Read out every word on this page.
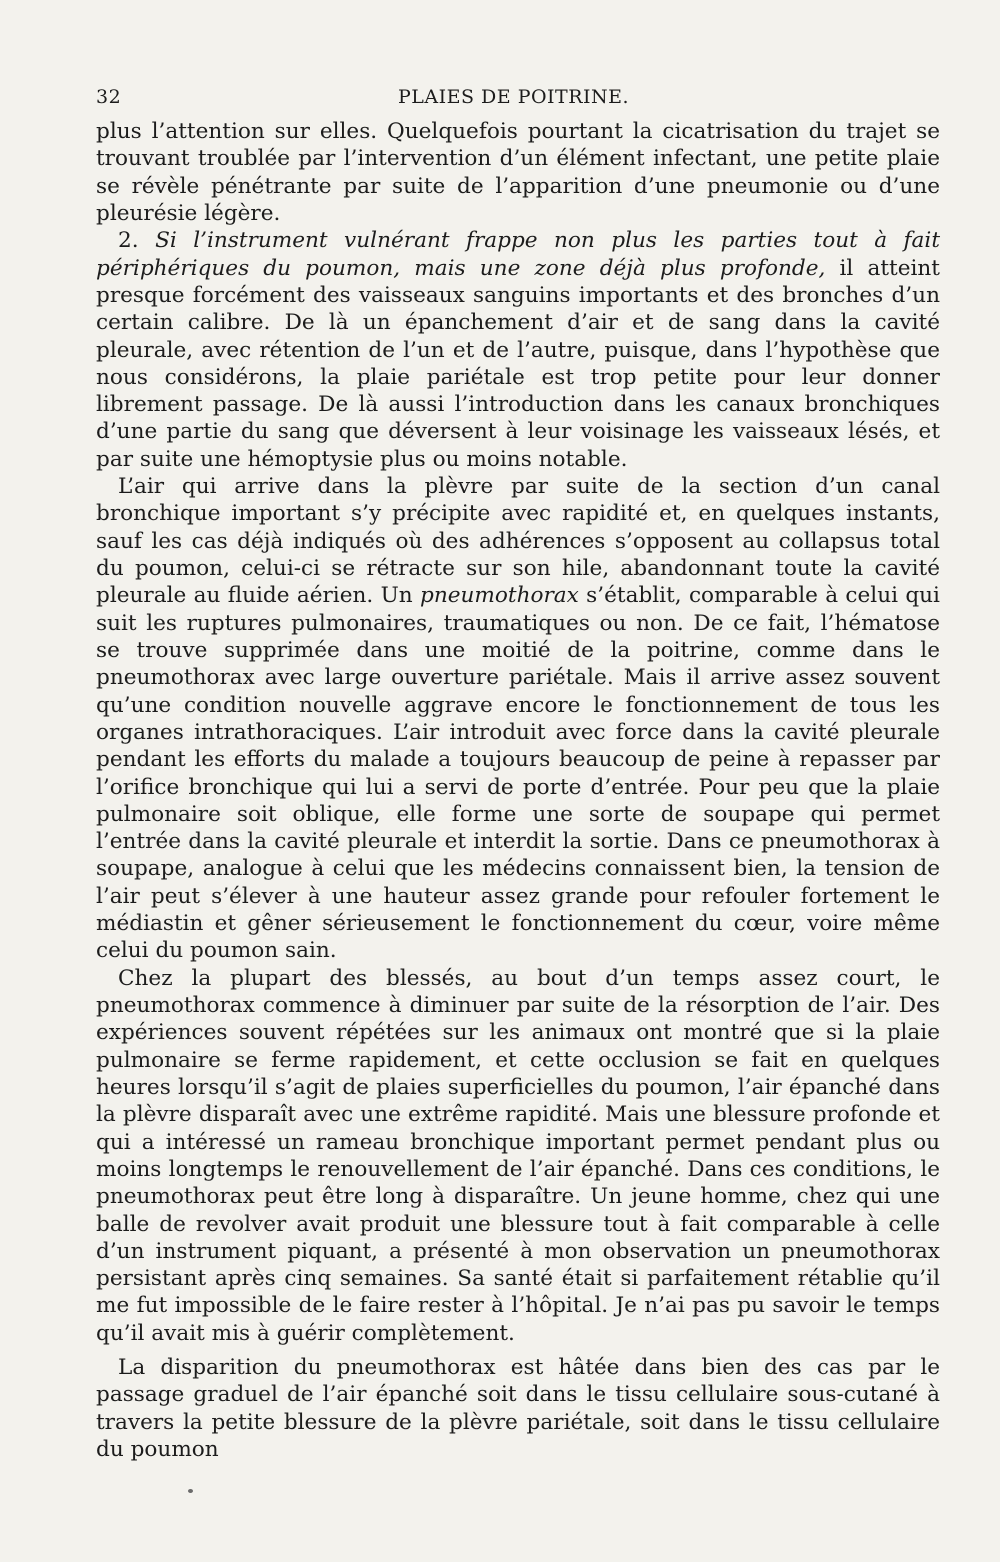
32	PLAIES DE POITRINE.

plus l’attention sur elles. Quelquefois pourtant la cicatrisation du trajet se trouvant troublée par l’intervention d’un élément infectant, une petite plaie se révèle pénétrante par suite de l’apparition d’une pneumonie ou d’une pleurésie légère.

2. Si l’instrument vulnérant frappe non plus les parties tout à fait périphériques du poumon, mais une zone déjà plus profonde, il atteint presque forcément des vaisseaux sanguins importants et des bronches d’un certain calibre. De là un épanchement d’air et de sang dans la cavité pleurale, avec rétention de l’un et de l’autre, puisque, dans l’hypothèse que nous considérons, la plaie pariétale est trop petite pour leur donner librement passage. De là aussi l’introduction dans les canaux bronchiques d’une partie du sang que déversent à leur voisinage les vaisseaux lésés, et par suite une hémoptysie plus ou moins notable.

L’air qui arrive dans la plèvre par suite de la section d’un canal bronchique important s’y précipite avec rapidité et, en quelques instants, sauf les cas déjà indiqués où des adhérences s’opposent au collapsus total du poumon, celui-ci se rétracte sur son hile, abandonnant toute la cavité pleurale au fluide aérien. Un pneumothorax s’établit, comparable à celui qui suit les ruptures pulmonaires, traumatiques ou non. De ce fait, l’hématose se trouve supprimée dans une moitié de la poitrine, comme dans le pneumothorax avec large ouverture pariétale. Mais il arrive assez souvent qu’une condition nouvelle aggrave encore le fonctionnement de tous les organes intrathoraciques. L’air introduit avec force dans la cavité pleurale pendant les efforts du malade a toujours beaucoup de peine à repasser par l’orifice bronchique qui lui a servi de porte d’entrée. Pour peu que la plaie pulmonaire soit oblique, elle forme une sorte de soupape qui permet l’entrée dans la cavité pleurale et interdit la sortie. Dans ce pneumothorax à soupape, analogue à celui que les médecins connaissent bien, la tension de l’air peut s’élever à une hauteur assez grande pour refouler fortement le médiastin et gêner sérieusement le fonctionnement du cœur, voire même celui du poumon sain.

Chez la plupart des blessés, au bout d’un temps assez court, le pneumothorax commence à diminuer par suite de la résorption de l’air. Des expériences souvent répétées sur les animaux ont montré que si la plaie pulmonaire se ferme rapidement, et cette occlusion se fait en quelques heures lorsqu’il s’agit de plaies superficielles du poumon, l’air épanché dans la plèvre disparaît avec une extrême rapidité. Mais une blessure profonde et qui a intéressé un rameau bronchique important permet pendant plus ou moins longtemps le renouvellement de l’air épanché. Dans ces conditions, le pneumothorax peut être long à disparaître. Un jeune homme, chez qui une balle de revolver avait produit une blessure tout à fait comparable à celle d’un instrument piquant, a présenté à mon observation un pneumothorax persistant après cinq semaines. Sa santé était si parfaitement rétablie qu’il me fut impossible de le faire rester à l’hôpital. Je n’ai pas pu savoir le temps qu’il avait mis à guérir complètement.

La disparition du pneumothorax est hâtée dans bien des cas par le passage graduel de l’air épanché soit dans le tissu cellulaire sous-cutané à travers la petite blessure de la plèvre pariétale, soit dans le tissu cellulaire du poumon
